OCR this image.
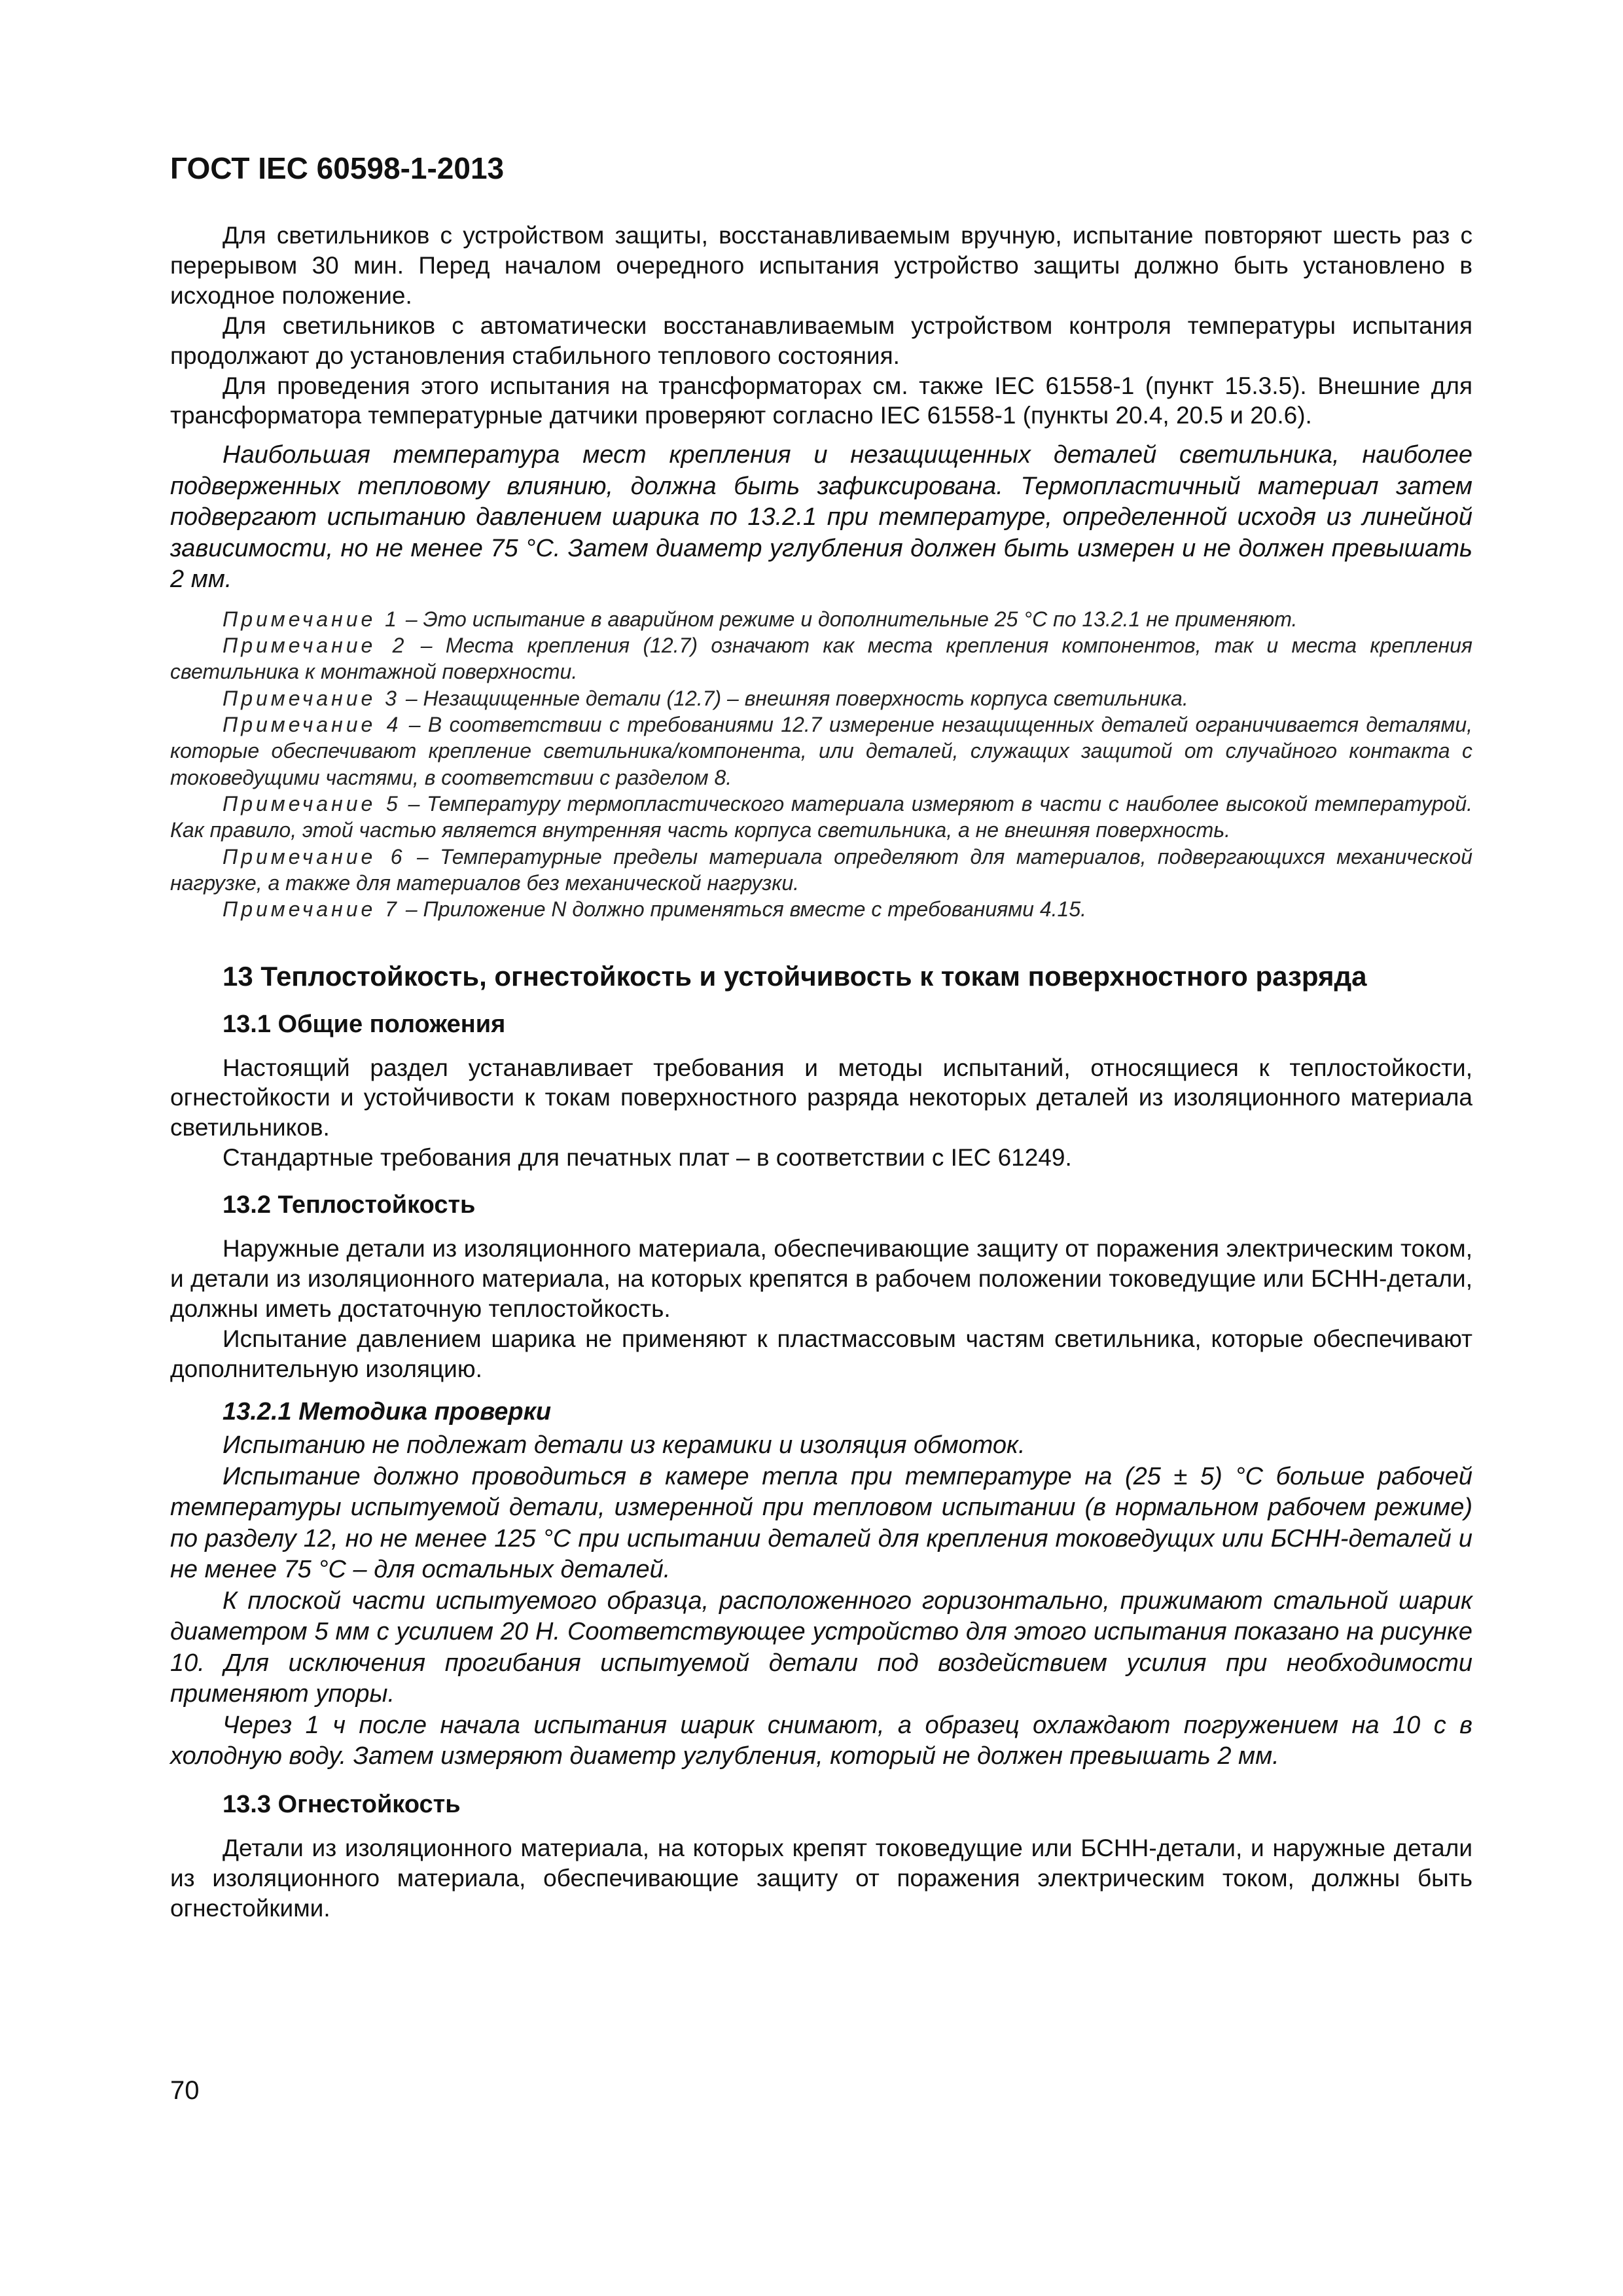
ГОСТ IEC 60598-1-2013

Для светильников с устройством защиты, восстанавливаемым вручную, испытание повторяют шесть раз с перерывом 30 мин. Перед началом очередного испытания устройство защиты должно быть установлено в исходное положение.

Для светильников с автоматически восстанавливаемым устройством контроля температуры испытания продолжают до установления стабильного теплового состояния.

Для проведения этого испытания на трансформаторах см. также IEC 61558-1 (пункт 15.3.5). Внешние для трансформатора температурные датчики проверяют согласно IEC 61558-1 (пункты 20.4, 20.5 и 20.6).

Наибольшая температура мест крепления и незащищенных деталей светильника, наиболее подверженных тепловому влиянию, должна быть зафиксирована. Термопластичный материал затем подвергают испытанию давлением шарика по 13.2.1 при температуре, определенной исходя из линейной зависимости, но не менее 75 °С. Затем диаметр углубления должен быть измерен и не должен превышать 2 мм.

Примечание 1 – Это испытание в аварийном режиме и дополнительные 25 °С по 13.2.1 не применяют.

Примечание 2 – Места крепления (12.7) означают как места крепления компонентов, так и места крепления светильника к монтажной поверхности.

Примечание 3 – Незащищенные детали (12.7) – внешняя поверхность корпуса светильника.

Примечание 4 – В соответствии с требованиями 12.7 измерение незащищенных деталей ограничивается деталями, которые обеспечивают крепление светильника/компонента, или деталей, служащих защитой от случайного контакта с токоведущими частями, в соответствии с разделом 8.

Примечание 5 – Температуру термопластического материала измеряют в части с наиболее высокой температурой. Как правило, этой частью является внутренняя часть корпуса светильника, а не внешняя поверхность.

Примечание 6 – Температурные пределы материала определяют для материалов, подвергающихся механической нагрузке, а также для материалов без механической нагрузки.

Примечание 7 – Приложение N должно применяться вместе с требованиями 4.15.

13 Теплостойкость, огнестойкость и устойчивость к токам поверхностного разряда
13.1 Общие положения

Настоящий раздел устанавливает требования и методы испытаний, относящиеся к теплостойкости, огнестойкости и устойчивости к токам поверхностного разряда некоторых деталей из изоляционного материала светильников.

Стандартные требования для печатных плат – в соответствии с IEC 61249.

13.2 Теплостойкость

Наружные детали из изоляционного материала, обеспечивающие защиту от поражения электрическим током, и детали из изоляционного материала, на которых крепятся в рабочем положении токоведущие или БСНН-детали, должны иметь достаточную теплостойкость.

Испытание давлением шарика не применяют к пластмассовым частям светильника, которые обеспечивают дополнительную изоляцию.

13.2.1 Методика проверки

Испытанию не подлежат детали из керамики и изоляция обмоток.

Испытание должно проводиться в камере тепла при температуре на (25 ± 5) °С больше рабочей температуры испытуемой детали, измеренной при тепловом испытании (в нормальном рабочем режиме) по разделу 12, но не менее 125 °С при испытании деталей для крепления токоведущих или БСНН-деталей и не менее 75 °С – для остальных деталей.

К плоской части испытуемого образца, расположенного горизонтально, прижимают стальной шарик диаметром 5 мм с усилием 20 Н. Соответствующее устройство для этого испытания показано на рисунке 10. Для исключения прогибания испытуемой детали под воздействием усилия при необходимости применяют упоры.

Через 1 ч после начала испытания шарик снимают, а образец охлаждают погружением на 10 с в холодную воду. Затем измеряют диаметр углубления, который не должен превышать 2 мм.

13.3 Огнестойкость

Детали из изоляционного материала, на которых крепят токоведущие или БСНН-детали, и наружные детали из изоляционного материала, обеспечивающие защиту от поражения электрическим током, должны быть огнестойкими.

70
